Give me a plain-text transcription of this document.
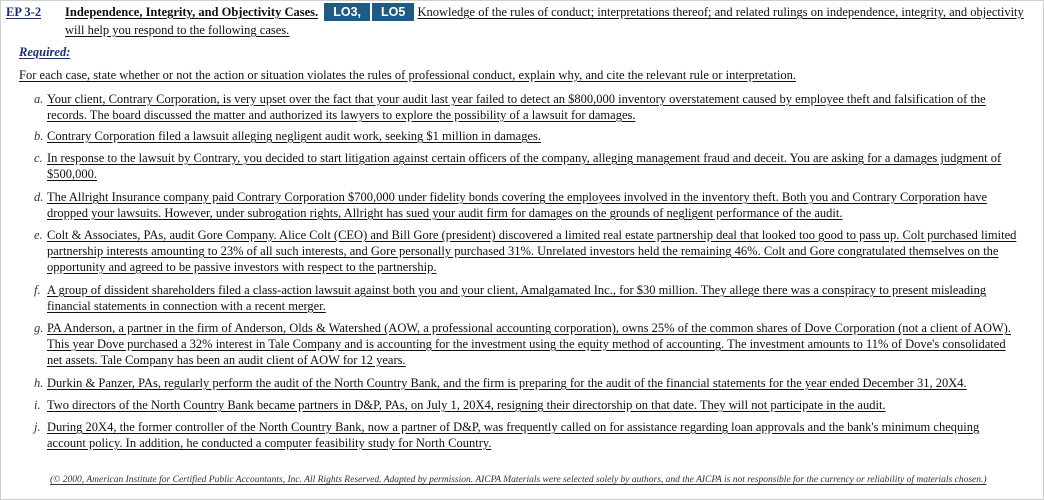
EP 3-2 Independence, Integrity, and Objectivity Cases. LO3, LO5 Knowledge of the rules of conduct; interpretations thereof; and related rulings on independence, integrity, and objectivity will help you respond to the following cases.
Required:
For each case, state whether or not the action or situation violates the rules of professional conduct, explain why, and cite the relevant rule or interpretation.
a. Your client, Contrary Corporation, is very upset over the fact that your audit last year failed to detect an $800,000 inventory overstatement caused by employee theft and falsification of the records. The board discussed the matter and authorized its lawyers to explore the possibility of a lawsuit for damages.
b. Contrary Corporation filed a lawsuit alleging negligent audit work, seeking $1 million in damages.
c. In response to the lawsuit by Contrary, you decided to start litigation against certain officers of the company, alleging management fraud and deceit. You are asking for a damages judgment of $500,000.
d. The Allright Insurance company paid Contrary Corporation $700,000 under fidelity bonds covering the employees involved in the inventory theft. Both you and Contrary Corporation have dropped your lawsuits. However, under subrogation rights, Allright has sued your audit firm for damages on the grounds of negligent performance of the audit.
e. Colt & Associates, PAs, audit Gore Company. Alice Colt (CEO) and Bill Gore (president) discovered a limited real estate partnership deal that looked too good to pass up. Colt purchased limited partnership interests amounting to 23% of all such interests, and Gore personally purchased 31%. Unrelated investors held the remaining 46%. Colt and Gore congratulated themselves on the opportunity and agreed to be passive investors with respect to the partnership.
f. A group of dissident shareholders filed a class-action lawsuit against both you and your client, Amalgamated Inc., for $30 million. They allege there was a conspiracy to present misleading financial statements in connection with a recent merger.
g. PA Anderson, a partner in the firm of Anderson, Olds & Watershed (AOW, a professional accounting corporation), owns 25% of the common shares of Dove Corporation (not a client of AOW). This year Dove purchased a 32% interest in Tale Company and is accounting for the investment using the equity method of accounting. The investment amounts to 11% of Dove's consolidated net assets. Tale Company has been an audit client of AOW for 12 years.
h. Durkin & Panzer, PAs, regularly perform the audit of the North Country Bank, and the firm is preparing for the audit of the financial statements for the year ended December 31, 20X4.
i. Two directors of the North Country Bank became partners in D&P, PAs, on July 1, 20X4, resigning their directorship on that date. They will not participate in the audit.
j. During 20X4, the former controller of the North Country Bank, now a partner of D&P, was frequently called on for assistance regarding loan approvals and the bank's minimum chequing account policy. In addition, he conducted a computer feasibility study for North Country.
(© 2000, American Institute for Certified Public Accountants, Inc. All Rights Reserved. Adapted by permission. AICPA Materials were selected solely by authors, and the AICPA is not responsible for the currency or reliability of materials chosen.)
